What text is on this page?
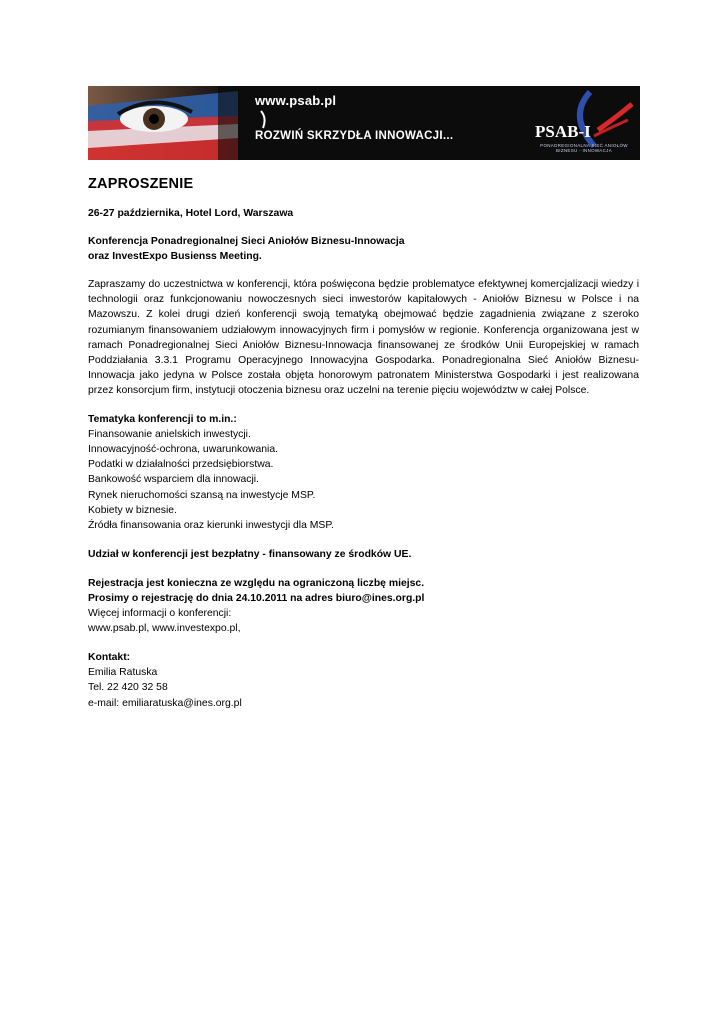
www.psab.pl
ROZWIŃ SKRZYDŁA INNOWACJI...	PSAB-I
PONADREGIONALNA SIEĆ ANIOŁÓW BIZNESU - INNOWACJA
ZAPROSZENIE

26-27 października, Hotel Lord, Warszawa

Konferencja Ponadregionalnej Sieci Aniołów Biznesu-Innowacja

oraz InvestExpo Busienss Meeting.

Zapraszamy do uczestnictwa w konferencji, która poświęcona będzie problematyce efektywnej komercjalizacji wiedzy i technologii oraz funkcjonowaniu nowoczesnych sieci inwestorów kapitałowych - Aniołów Biznesu w Polsce i na Mazowszu. Z kolei drugi dzień konferencji swoją tematyką obejmować będzie zagadnienia związane z szeroko rozumianym finansowaniem udziałowym innowacyjnych firm i pomysłów w regionie. Konferencja organizowana jest w ramach Ponadregionalnej Sieci Aniołów Biznesu-Innowacja finansowanej ze środków Unii Europejskiej w ramach Poddziałania 3.3.1 Programu Operacyjnego Innowacyjna Gospodarka. Ponadregionalna Sieć Aniołów Biznesu-Innowacja jako jedyna w Polsce została objęta honorowym patronatem Ministerstwa Gospodarki i jest realizowana przez konsorcjum firm, instytucji otoczenia biznesu oraz uczelni na terenie pięciu województw w całej Polsce.

Tematyka konferencji to m.in.:

Finansowanie anielskich inwestycji.

Innowacyjność-ochrona, uwarunkowania.

Podatki w działalności przedsiębiorstwa.

Bankowość wsparciem dla innowacji.

Rynek nieruchomości szansą na inwestycje MSP.

Kobiety w biznesie.

Źródła finansowania oraz kierunki inwestycji dla MSP.

Udział w konferencji jest bezpłatny - finansowany ze środków UE.

Rejestracja jest konieczna ze względu na ograniczoną liczbę miejsc.

Prosimy o rejestrację do dnia 24.10.2011 na adres biuro@ines.org.pl

Więcej informacji o konferencji:

www.psab.pl, www.investexpo.pl,

Kontakt:

Emilia Ratuska

Tel. 22 420 32 58

e-mail: emiliaratuska@ines.org.pl
